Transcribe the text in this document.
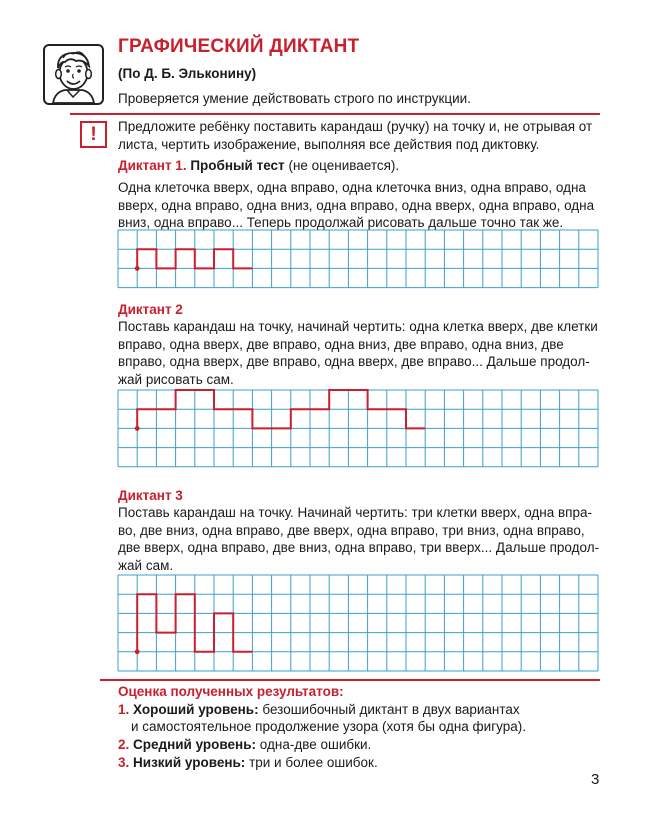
ГРАФИЧЕСКИЙ ДИКТАНТ
(По Д. Б. Эльконину)
Проверяется умение действовать строго по инструкции.
!	Предложите ребёнку поставить карандаш (ручку) на точку и, не отрывая от
листа, чертить изображение, выполняя все действия под диктовку.
Диктант 1. Пробный тест (не оценивается).
Одна клеточка вверх, одна вправо, одна клеточка вниз, одна вправо, одна
вверх, одна вправо, одна вниз, одна вправо, одна вверх, одна вправо, одна
вниз, одна вправо... Теперь продолжай рисовать дальше точно так же.
Диктант 2
Поставь карандаш на точку, начинай чертить: одна клетка вверх, две клетки
вправо, одна вверх, две вправо, одна вниз, две вправо, одна вниз, две
вправо, одна вверх, две вправо, одна вверх, две вправо... Дальше продол-
жай рисовать сам.
Диктант 3
Поставь карандаш на точку. Начинай чертить: три клетки вверх, одна впра-
во, две вниз, одна вправо, две вверх, одна вправо, три вниз, одна вправо,
две вверх, одна вправо, две вниз, одна вправо, три вверх... Дальше продол-
жай сам.
Оценка полученных результатов:
1. Хороший уровень: безошибочный диктант в двух вариантах
и самостоятельное продолжение узора (хотя бы одна фигура).
2. Средний уровень: одна-две ошибки.
3. Низкий уровень: три и более ошибок.
3
